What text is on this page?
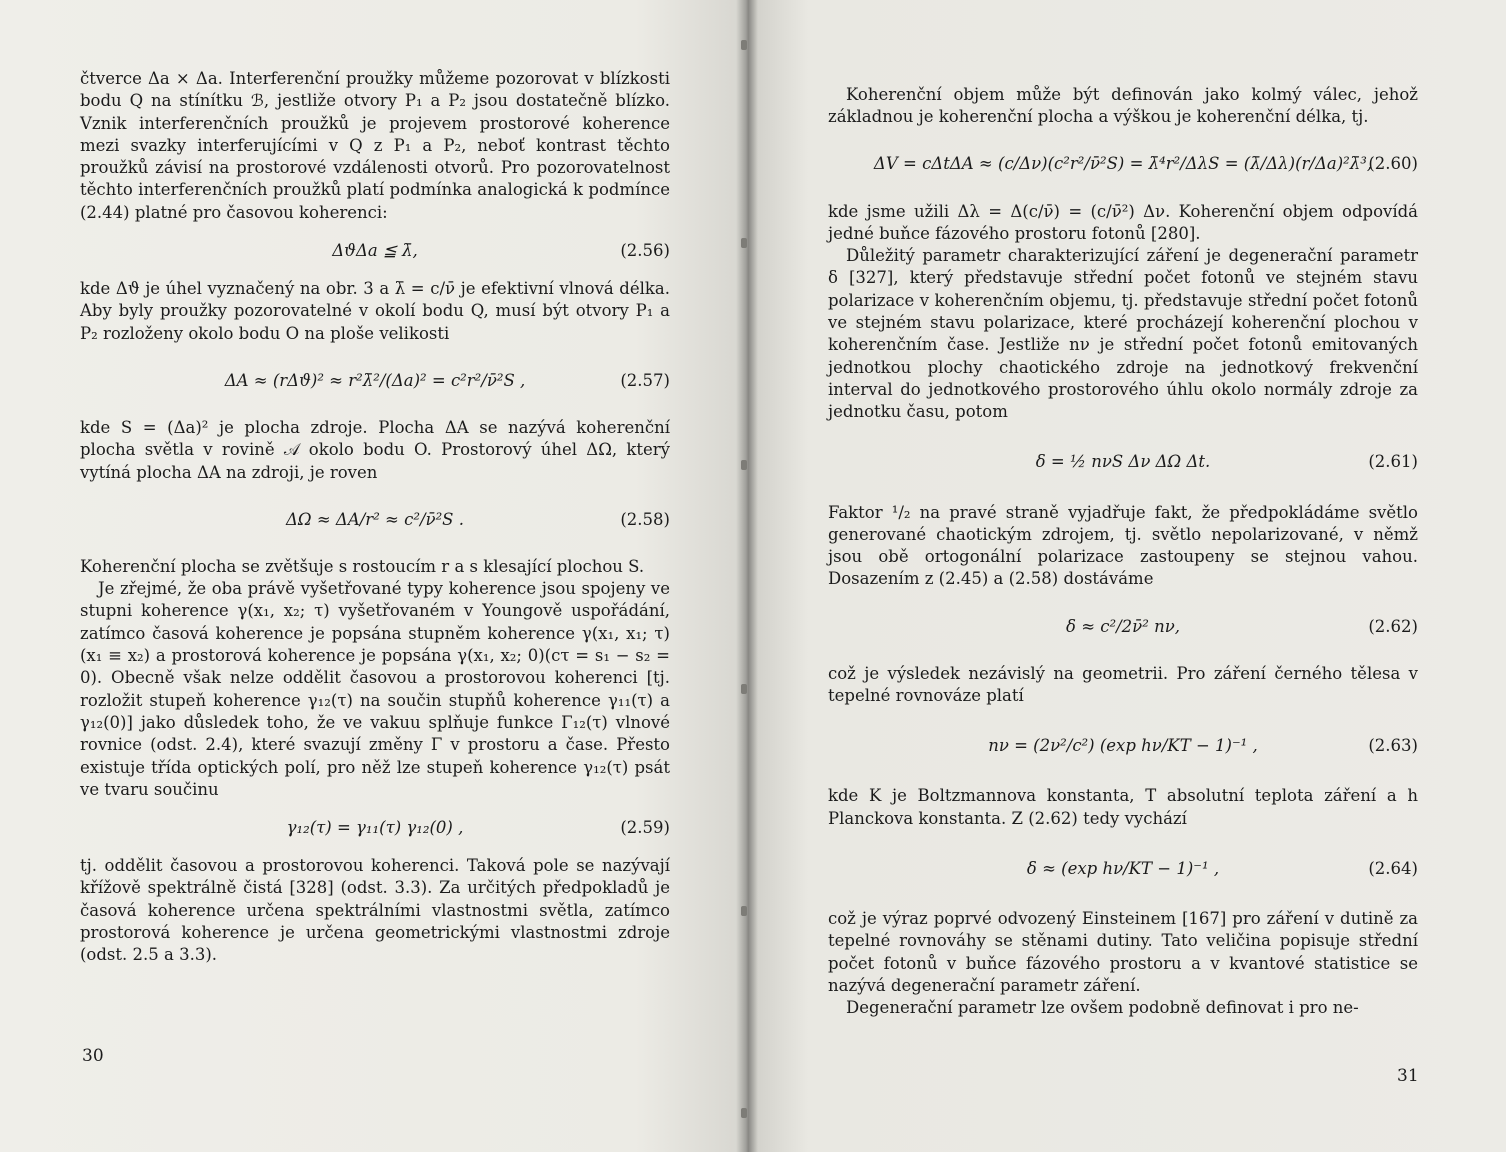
čtverce Δa × Δa. Interferenční proužky můžeme pozorovat v blízkosti bodu Q na stínítku ℬ, jestliže otvory P₁ a P₂ jsou dostatečně blízko. Vznik interferenčních proužků je projevem prostorové koherence mezi svazky interferujícími v Q z P₁ a P₂, neboť kontrast těchto proužků závisí na prostorové vzdálenosti otvorů. Pro pozorovatelnost těchto interferenčních proužků platí podmínka analogická k podmínce (2.44) platné pro časovou koherenci:

ΔϑΔa ≦ λ̄,	(2.56)

kde Δϑ je úhel vyznačený na obr. 3 a λ̄ = c/ν̄ je efektivní vlnová délka. Aby byly proužky pozorovatelné v okolí bodu Q, musí být otvory P₁ a P₂ rozloženy okolo bodu O na ploše velikosti

ΔA ≈ (rΔϑ)² ≈ r²λ̄²/(Δa)² = c²r²/ν̄²S ,	(2.57)

kde S = (Δa)² je plocha zdroje. Plocha ΔA se nazývá koherenční plocha světla v rovině 𝒜 okolo bodu O. Prostorový úhel ΔΩ, který vytíná plocha ΔA na zdroji, je roven

ΔΩ ≈ ΔA/r² ≈ c²/ν̄²S .	(2.58)

Koherenční plocha se zvětšuje s rostoucím r a s klesající plochou S.

Je zřejmé, že oba právě vyšetřované typy koherence jsou spojeny ve stupni koherence γ(x₁, x₂; τ) vyšetřovaném v Youngově uspořádání, zatímco časová koherence je popsána stupněm koherence γ(x₁, x₁; τ)(x₁ ≡ x₂) a prostorová koherence je popsána γ(x₁, x₂; 0)(cτ = s₁ − s₂ = 0). Obecně však nelze oddělit časovou a prostorovou koherenci [tj. rozložit stupeň koherence γ₁₂(τ) na součin stupňů koherence γ₁₁(τ) a γ₁₂(0)] jako důsledek toho, že ve vakuu splňuje funkce Γ₁₂(τ) vlnové rovnice (odst. 2.4), které svazují změny Γ v prostoru a čase. Přesto existuje třída optických polí, pro něž lze stupeň koherence γ₁₂(τ) psát ve tvaru součinu

γ₁₂(τ) = γ₁₁(τ) γ₁₂(0) ,	(2.59)

tj. oddělit časovou a prostorovou koherenci. Taková pole se nazývají křížově spektrálně čistá [328] (odst. 3.3). Za určitých předpokladů je časová koherence určena spektrálními vlastnostmi světla, zatímco prostorová koherence je určena geometrickými vlastnostmi zdroje (odst. 2.5 a 3.3).

30

Koherenční objem může být definován jako kolmý válec, jehož základnou je koherenční plocha a výškou je koherenční délka, tj.

ΔV = cΔtΔA ≈ (c/Δν)(c²r²/ν̄²S) = λ̄⁴r²/ΔλS = (λ̄/Δλ)(r/Δa)²λ̄³,
(2.60)

kde jsme užili Δλ = Δ(c/ν̄) = (c/ν̄²) Δν. Koherenční objem odpovídá jedné buňce fázového prostoru fotonů [280].

Důležitý parametr charakterizující záření je degenerační parametr δ [327], který představuje střední počet fotonů ve stejném stavu polarizace v koherenčním objemu, tj. představuje střední počet fotonů ve stejném stavu polarizace, které procházejí koherenční plochou v koherenčním čase. Jestliže nν je střední počet fotonů emitovaných jednotkou plochy chaotického zdroje na jednotkový frekvenční interval do jednotkového prostorového úhlu okolo normály zdroje za jednotku času, potom

δ = ½ nνS Δν ΔΩ Δt.	(2.61)

Faktor ¹/₂ na pravé straně vyjadřuje fakt, že předpokládáme světlo generované chaotickým zdrojem, tj. světlo nepolarizované, v němž jsou obě ortogonální polarizace zastoupeny se stejnou vahou. Dosazením z (2.45) a (2.58) dostáváme

δ ≈ c²/2ν̄² nν,	(2.62)

což je výsledek nezávislý na geometrii. Pro záření černého tělesa v tepelné rovnováze platí

nν = (2ν²/c²) (exp hν/KT − 1)⁻¹ ,	(2.63)

kde K je Boltzmannova konstanta, T absolutní teplota záření a h Planckova konstanta. Z (2.62) tedy vychází

δ ≈ (exp hν/KT − 1)⁻¹ ,	(2.64)

což je výraz poprvé odvozený Einsteinem [167] pro záření v dutině za tepelné rovnováhy se stěnami dutiny. Tato veličina popisuje střední počet fotonů v buňce fázového prostoru a v kvantové statistice se nazývá degenerační parametr záření.

Degenerační parametr lze ovšem podobně definovat i pro ne-

31
